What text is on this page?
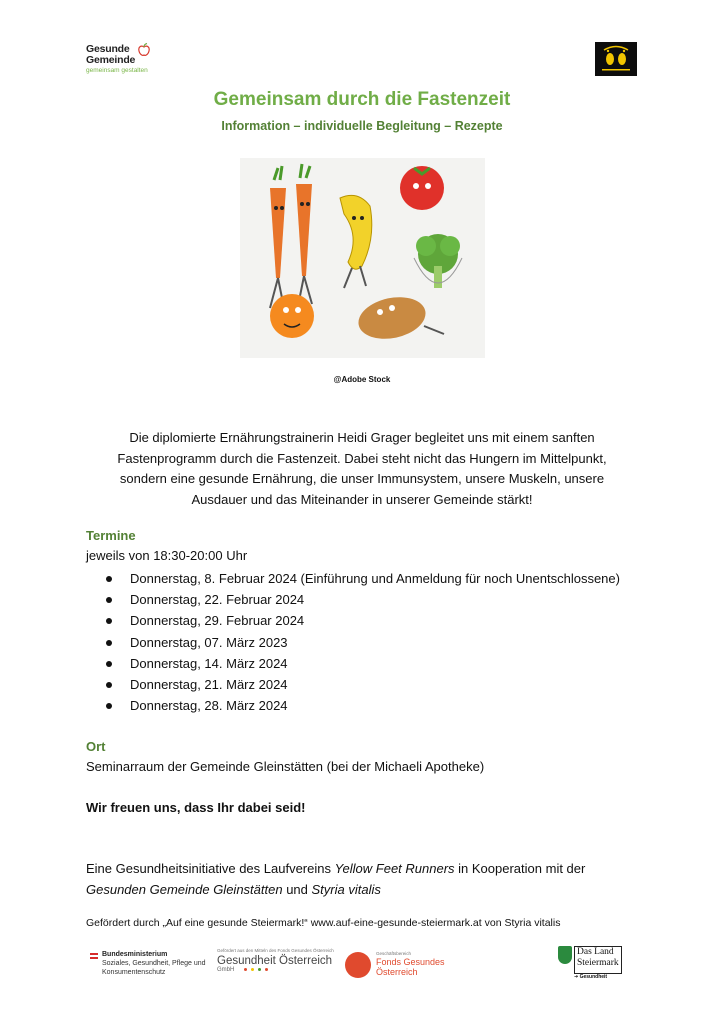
Gesunde
Gemeinde
gemeinsam gestalten
Gemeinsam durch die Fastenzeit
Information – individuelle Begleitung – Rezepte
@Adobe Stock
Die diplomierte Ernährungstrainerin Heidi Grager begleitet uns mit einem sanften
Fastenprogramm durch die Fastenzeit. Dabei steht nicht das Hungern im Mittelpunkt,
sondern eine gesunde Ernährung, die unser Immunsystem, unsere Muskeln, unsere
Ausdauer und das Miteinander in unserer Gemeinde stärkt!
Termine
jeweils von 18:30-20:00 Uhr
Donnerstag, 8. Februar 2024 (Einführung und Anmeldung für noch Unentschlossene)
Donnerstag, 22. Februar 2024
Donnerstag, 29. Februar 2024
Donnerstag, 07. März 2023
Donnerstag, 14. März 2024
Donnerstag, 21. März 2024
Donnerstag, 28. März 2024
Ort
Seminarraum der Gemeinde Gleinstätten (bei der Michaeli Apotheke)
Wir freuen uns, dass Ihr dabei seid!
Eine Gesundheitsinitiative des Laufvereins Yellow Feet Runners in Kooperation mit der
Gesunden Gemeinde Gleinstätten und Styria vitalis
Gefördert durch „Auf eine gesunde Steiermark!“ www.auf-eine-gesunde-steiermark.at von Styria vitalis
Bundesministerium
Soziales, Gesundheit, Pflege und Konsumentenschutz
Gefördert aus den Mitteln des Fonds Gesundes Österreich
Gesundheit Österreich
GmbH
Geschäftsbereich
Fonds Gesundes
Österreich
Das Land
Steiermark
➜ Gesundheit
